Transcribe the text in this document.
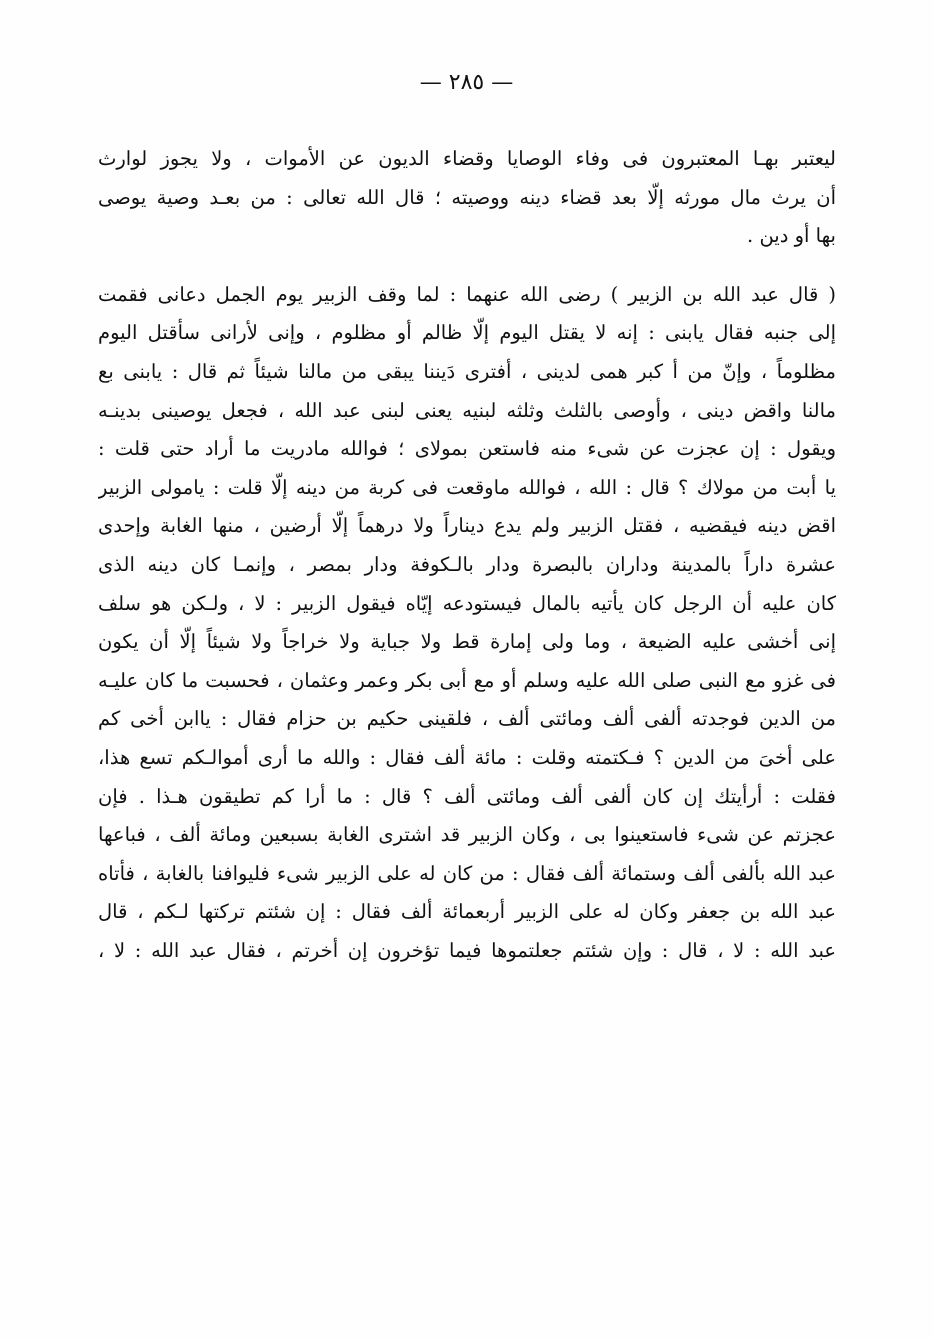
— ٢٨٥ —
ليعتبر بهـا المعتبرون فى وفاء الوصايا وقضاء الديون عن الأموات ، ولا يجوز لوارث
أن يرث مال مورثه إلّا بعد قضاء دينه ووصيته ؛ قال الله تعالى : من بعـد وصية يوصى
بها أو دين .
( قال عبد الله بن الزبير ) رضى الله عنهما : لما وقف الزبير يوم الجمل دعانى فقمت
إلى جنبه فقال يابنى : إنه لا يقتل اليوم إلّا ظالم أو مظلوم ، وإنى لأرانى سأقتل اليوم
مظلوماً ، وإنّ من أ كبر همى لدينى ، أفترى دَيننا يبقى من مالنا شيئاً ثم قال : يابنى بع
مالنا واقض دينى ، وأوصى بالثلث وثلثه لبنيه يعنى لبنى عبد الله ، فجعل يوصينى بدينـه
ويقول : إن عجزت عن شىء منه فاستعن بمولاى ؛ فوالله مادريت ما أراد حتى قلت :
يا أبت من مولاك ؟ قال : الله ، فوالله ماوقعت فى كربة من دينه إلّا قلت : يامولى الزبير
اقض دينه فيقضيه ، فقتل الزبير ولم يدع ديناراً ولا درهماً إلّا أرضين ، منها الغابة وإحدى
عشرة داراً بالمدينة وداران بالبصرة ودار بالـكوفة ودار بمصر ، وإنمـا كان دينه الذى
كان عليه أن الرجل كان يأتيه بالمال فيستودعه إيّاه فيقول الزبير : لا ، ولـكن هو سلف
إنى أخشى عليه الضيعة ، وما ولى إمارة قط ولا جباية ولا خراجاً ولا شيئاً إلّا أن يكون
فى غزو مع النبى صلى الله عليه وسلم أو مع أبى بكر وعمر وعثمان ، فحسبت ما كان عليـه
من الدين فوجدته ألفى ألف ومائتى ألف ، فلقينى حكيم بن حزام فقال : ياابن أخى كم
على أخىَ من الدين ؟ فـكتمته وقلت : مائة ألف فقال : والله ما أرى أموالـكم تسع هذا،
فقلت : أرأيتك إن كان ألفى ألف ومائتى ألف ؟ قال : ما أرا كم تطيقون هـذا . فإن
عجزتم عن شىء فاستعينوا بى ، وكان الزبير قد اشترى الغابة بسبعين ومائة ألف ، فباعها
عبد الله بألفى ألف وستمائة ألف فقال : من كان له على الزبير شىء فليوافنا بالغابة ، فأتاه
عبد الله بن جعفر وكان له على الزبير أربعمائة ألف فقال : إن شئتم تركتها لـكم ، قال
عبد الله : لا ، قال : وإن شئتم جعلتموها فيما تؤخرون إن أخرتم ، فقال عبد الله : لا ،
